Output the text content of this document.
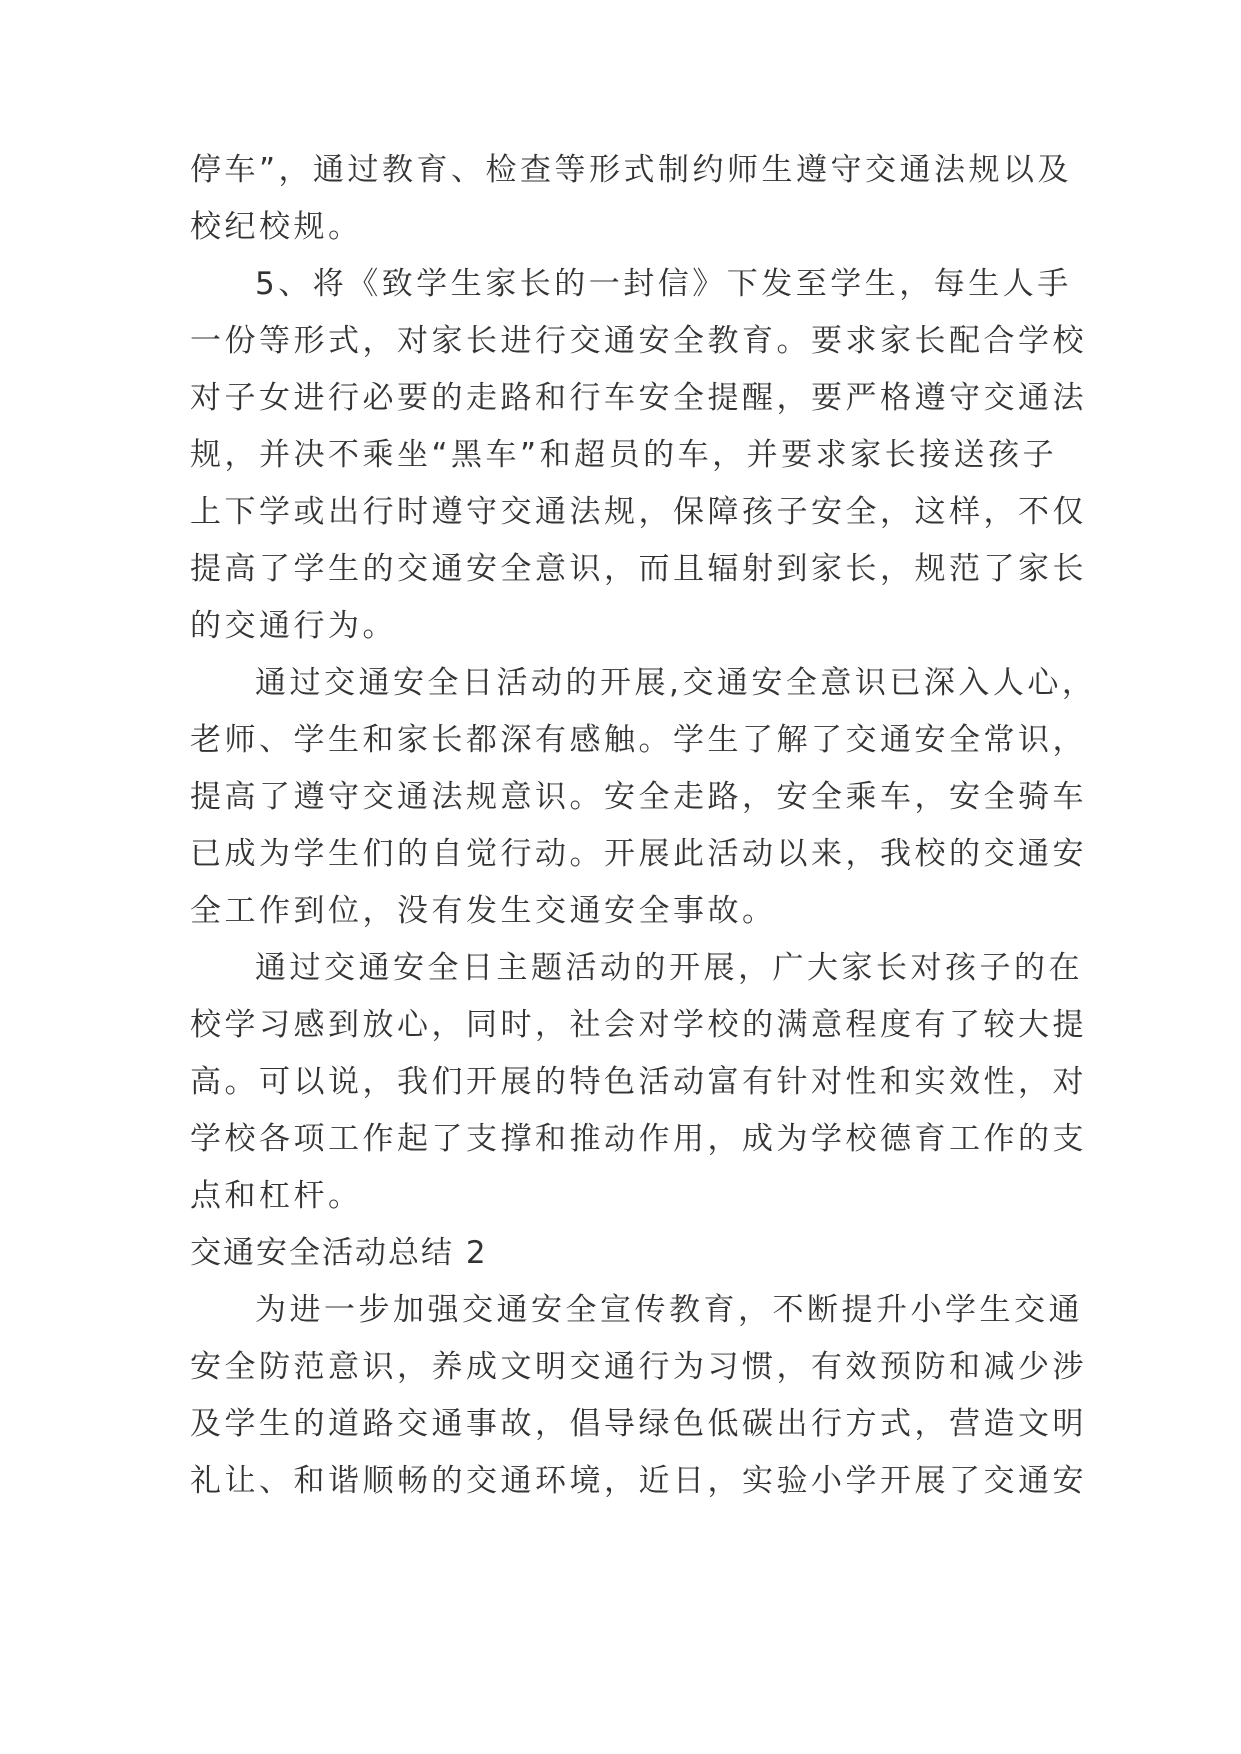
停车”，通过教育、检查等形式制约师生遵守交通法规以及
校纪校规。
5、将《致学生家长的一封信》下发至学生，每生人手
一份等形式，对家长进行交通安全教育。要求家长配合学校
对子女进行必要的走路和行车安全提醒，要严格遵守交通法
规，并决不乘坐“黑车”和超员的车，并要求家长接送孩子
上下学或出行时遵守交通法规，保障孩子安全，这样，不仅
提高了学生的交通安全意识，而且辐射到家长，规范了家长
的交通行为。
通过交通安全日活动的开展,交通安全意识已深入人心，
老师、学生和家长都深有感触。学生了解了交通安全常识，
提高了遵守交通法规意识。安全走路，安全乘车，安全骑车
已成为学生们的自觉行动。开展此活动以来，我校的交通安
全工作到位，没有发生交通安全事故。
通过交通安全日主题活动的开展，广大家长对孩子的在
校学习感到放心，同时，社会对学校的满意程度有了较大提
高。可以说，我们开展的特色活动富有针对性和实效性，对
学校各项工作起了支撑和推动作用，成为学校德育工作的支
点和杠杆。
交通安全活动总结 2
为进一步加强交通安全宣传教育，不断提升小学生交通
安全防范意识，养成文明交通行为习惯，有效预防和减少涉
及学生的道路交通事故，倡导绿色低碳出行方式，营造文明
礼让、和谐顺畅的交通环境，近日，实验小学开展了交通安
